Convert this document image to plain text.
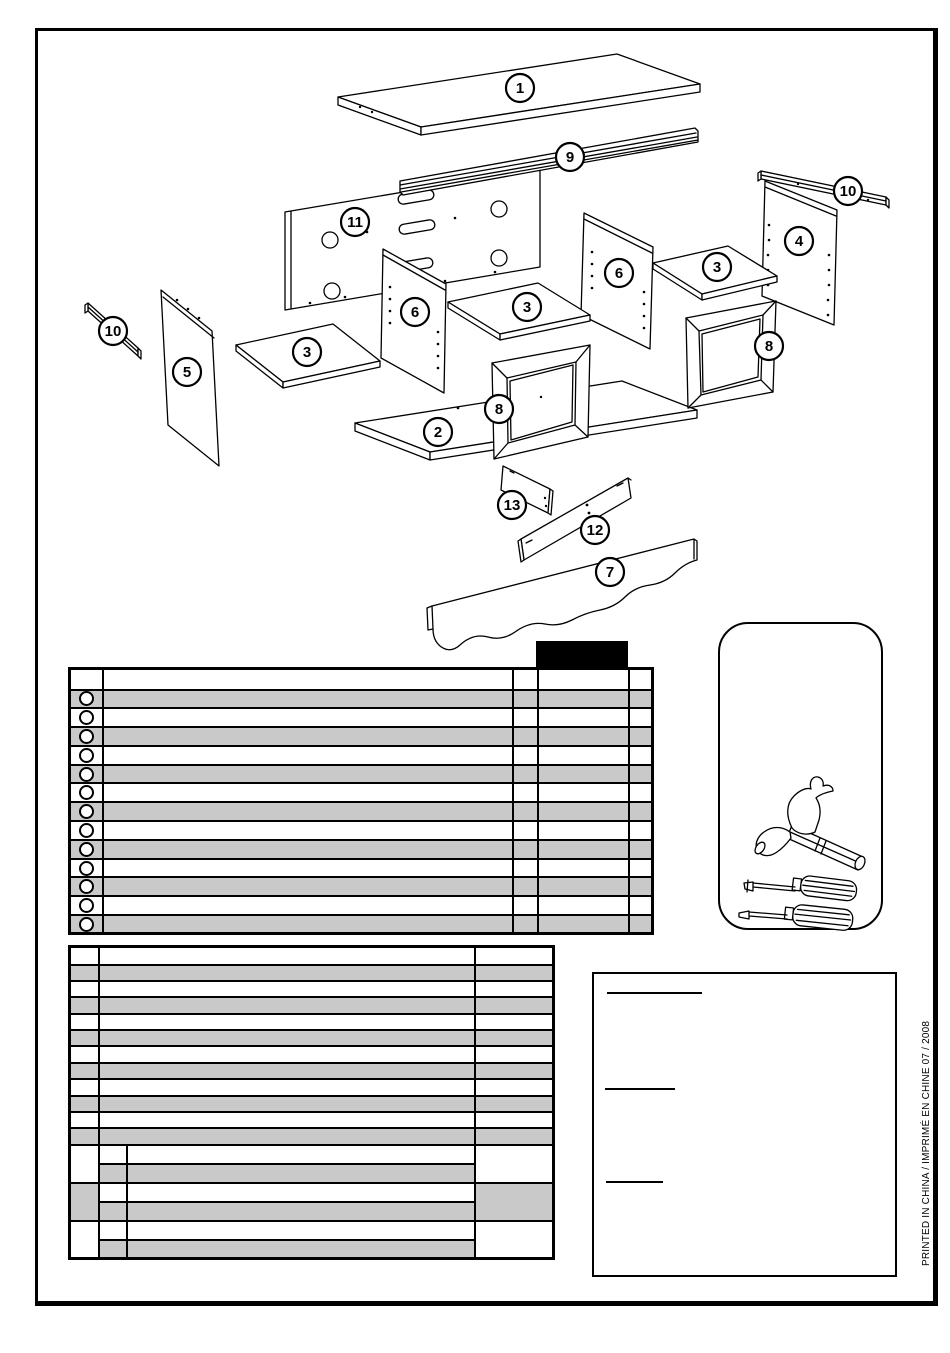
1
9
11
10
5
3
6	3
6	3
4
10
2
8
8
13
12
7

PRINTED IN CHINA / IMPRIMÉ EN CHINE 07 / 2008
